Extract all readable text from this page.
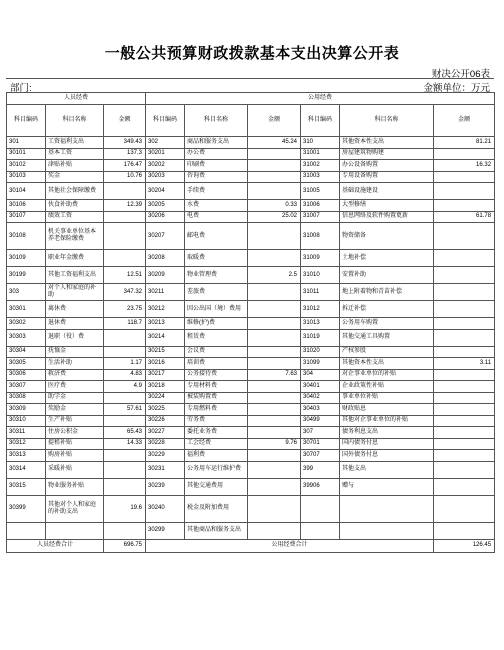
一般公共预算财政拨款基本支出决算公开表
财决公开06表
部门:	金额单位：万元
人员经费			公用经费					
科目编码	科目名称	金额	科目编码	科目名称	金额	科目编码	科目名称	金额
301	工资福利支出	349.43	302	商品和服务支出	45.24	310	其他资本性支出	81.21
30101	基本工资	137.3	30201	办公费		31001	房屋建筑物购建	
30102	津贴补贴	176.47	30202	印刷费		31002	办公设备购置	16.32
30103	奖金	10.76	30203	咨询费		31003	专用设备购置	
30104	其他社会保障缴费		30204	手续费		31005	基础设施建设	
30106	伙食补助费	12.39	30205	水费	0.33	31006	大型修缮	
30107	绩效工资		30206	电费	25.02	31007	信息网络及软件购置更新	61.78
30108	机关事业单位基本养老保险缴费		30207	邮电费		31008	物资储备	
30109	职业年金缴费		30208	取暖费		31009	土地补偿	
30199	其他工资福利支出	12.51	30209	物业管理费	2.5	31010	安置补助	
303	对个人和家庭的补助	347.32	30211	差旅费		31011	地上附着物和青苗补偿	
30301	离休费	23.75	30212	因公出国（境）费用		31012	拆迁补偿	
30302	退休费	118.7	30213	维修(护)费		31013	公务用车购置	
30303	退职（役）费		30214	租赁费		31019	其他交通工具购置	
30304	抚恤金		30215	会议费		31020	产权参股	
30305	生活补助	1.17	30216	培训费		31099	其他资本性支出	3.11
30306	救济费	4.83	30217	公务接待费	7.63	304	对企事业单位的补贴	
30307	医疗费	4.9	30218	专用材料费		30401	企业政策性补贴	
30308	助学金		30224	被装购置费		30402	事业单位补贴	
30309	奖励金	57.61	30225	专用燃料费		30403	财政贴息	
30310	生产补贴		30226	劳务费		30499	其他对企事业单位的补贴	
30311	住房公积金	65.43	30227	委托业务费		307	债务利息支出	
30312	提租补贴	14.33	30228	工会经费	9.76	30701	国内债务付息	
30313	购房补贴		30229	福利费		30707	国外债务付息	
30314	采暖补贴		30231	公务用车运行维护费		399	其他支出	
30315	物业服务补贴		30239	其他交通费用		39906	赠与	
30399	其他对个人和家庭的补助支出	19.6	30240	税金及附加费用				
			30299	其他商品和服务支出				
人员经费合计		696.75	公用经费合计					126.45
